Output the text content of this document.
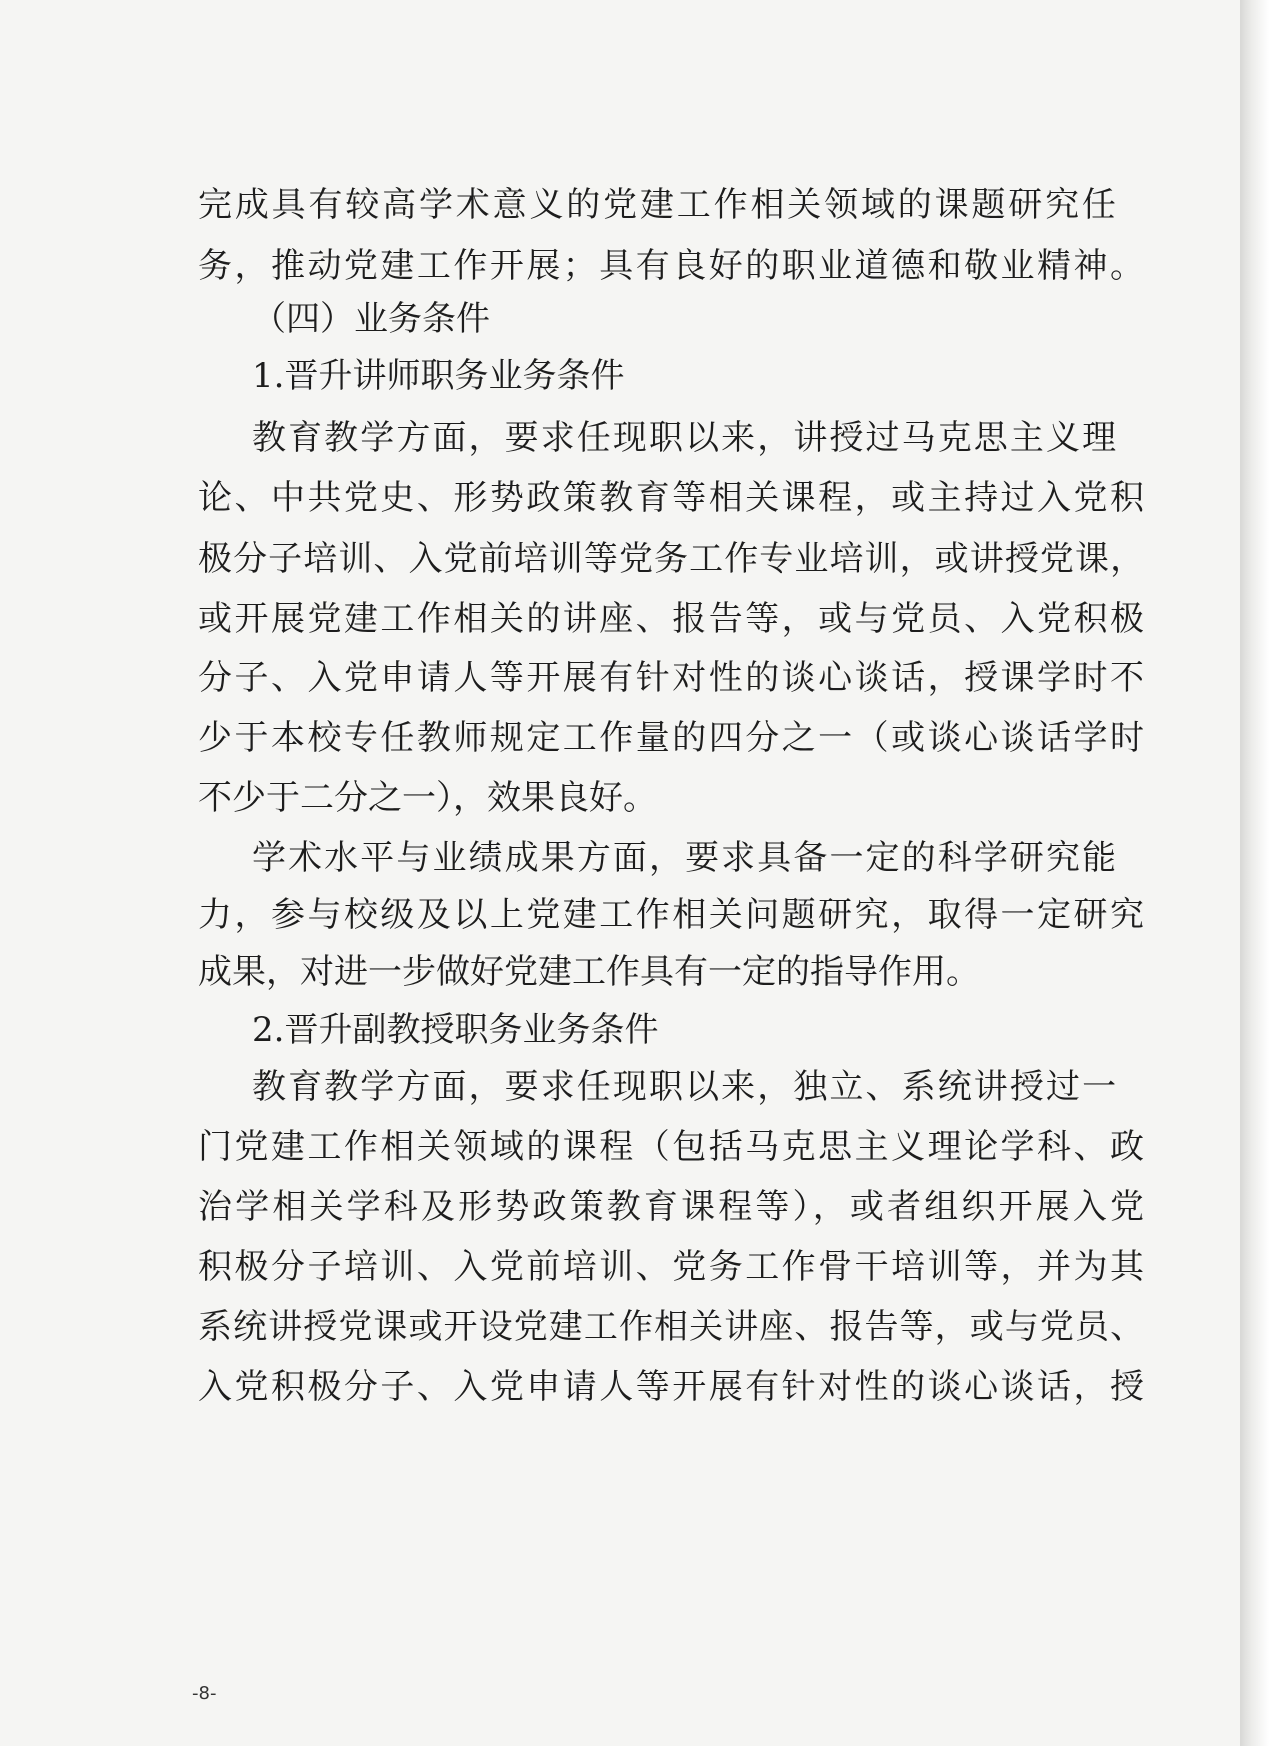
完成具有较高学术意义的党建工作相关领域的课题研究任
务，推动党建工作开展；具有良好的职业道德和敬业精神。
（四）业务条件
1.晋升讲师职务业务条件
教育教学方面，要求任现职以来，讲授过马克思主义理
论、中共党史、形势政策教育等相关课程，或主持过入党积
极分子培训、入党前培训等党务工作专业培训，或讲授党课，
或开展党建工作相关的讲座、报告等，或与党员、入党积极
分子、入党申请人等开展有针对性的谈心谈话，授课学时不
少于本校专任教师规定工作量的四分之一（或谈心谈话学时
不少于二分之一），效果良好。
学术水平与业绩成果方面，要求具备一定的科学研究能
力，参与校级及以上党建工作相关问题研究，取得一定研究
成果，对进一步做好党建工作具有一定的指导作用。
2.晋升副教授职务业务条件
教育教学方面，要求任现职以来，独立、系统讲授过一
门党建工作相关领域的课程（包括马克思主义理论学科、政
治学相关学科及形势政策教育课程等），或者组织开展入党
积极分子培训、入党前培训、党务工作骨干培训等，并为其
系统讲授党课或开设党建工作相关讲座、报告等，或与党员、
入党积极分子、入党申请人等开展有针对性的谈心谈话，授
-8-
